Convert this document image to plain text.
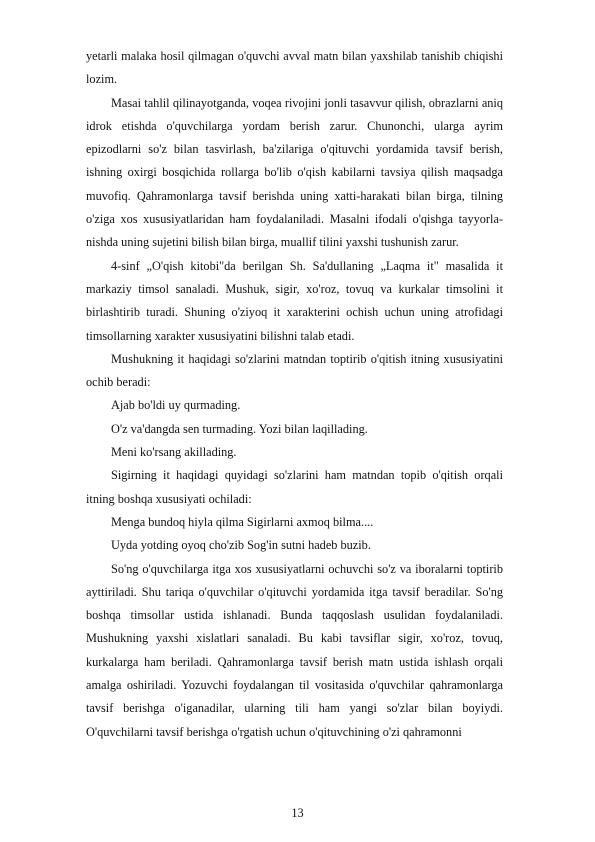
yetarli malaka hosil qilmagan o'quvchi avval matn bilan yaxshilab tanishib chiqishi lozim.

Masai tahlil qilinayotganda, voqea rivojini jonli tasavvur qilish, obrazlarni aniq idrok etishda o'quvchilarga yordam berish zarur. Chunonchi, ularga ayrim epizodlarni so'z bilan tasvirlash, ba'zilariga o'qituvchi yordamida tavsif berish, ishning oxirgi bosqichida rollarga bo'lib o'qish kabilarni tavsiya qilish maqsadga muvofiq. Qahramonlarga tavsif berishda uning xatti-harakati bilan birga, tilning o'ziga xos xususiyatlaridan ham foydalaniladi. Masalni ifodali o'qishga tayyorla-nishda uning sujetini bilish bilan birga, muallif tilini yaxshi tushunish zarur.

4-sinf „O'qish kitobi"da berilgan Sh. Sa'dullaning „Laqma it" masalida it markaziy timsol sanaladi. Mushuk, sigir, xo'roz, tovuq va kurkalar timsolini it birlashtirib turadi. Shuning o'ziyoq it xarakterini ochish uchun uning atrofidagi timsollarning xarakter xususiyatini bilishni talab etadi.

Mushukning it haqidagi so'zlarini matndan toptirib o'qitish itning xususiyatini ochib beradi:

Ajab bo'ldi uy qurmading.

O'z va'dangda sen turmading. Yozi bilan laqillading.

Meni ko'rsang akillading.

Sigirning it haqidagi quyidagi so'zlarini ham matndan topib o'qitish orqali itning boshqa xususiyati ochiladi:

Menga bundoq hiyla qilma Sigirlarni axmoq bilma....

Uyda yotding oyoq cho'zib Sog'in sutni hadeb buzib.

So'ng o'quvchilarga itga xos xususiyatlarni ochuvchi so'z va iboralarni toptirib ayttiriladi. Shu tariqa o'quvchilar o'qituvchi yordamida itga tavsif beradilar. So'ng boshqa timsollar ustida ishlanadi. Bunda taqqoslash usulidan foydalaniladi. Mushukning yaxshi xislatlari sanaladi. Bu kabi tavsiflar sigir, xo'roz, tovuq, kurkalarga ham beriladi. Qahramonlarga tavsif berish matn ustida ishlash orqali amalga oshiriladi. Yozuvchi foydalangan til vositasida o'quvchilar qahramonlarga tavsif berishga o'iganadilar, ularning tili ham yangi so'zlar bilan boyiydi. O'quvchilarni tavsif berishga o'rgatish uchun o'qituvchining o'zi qahramonni

13
